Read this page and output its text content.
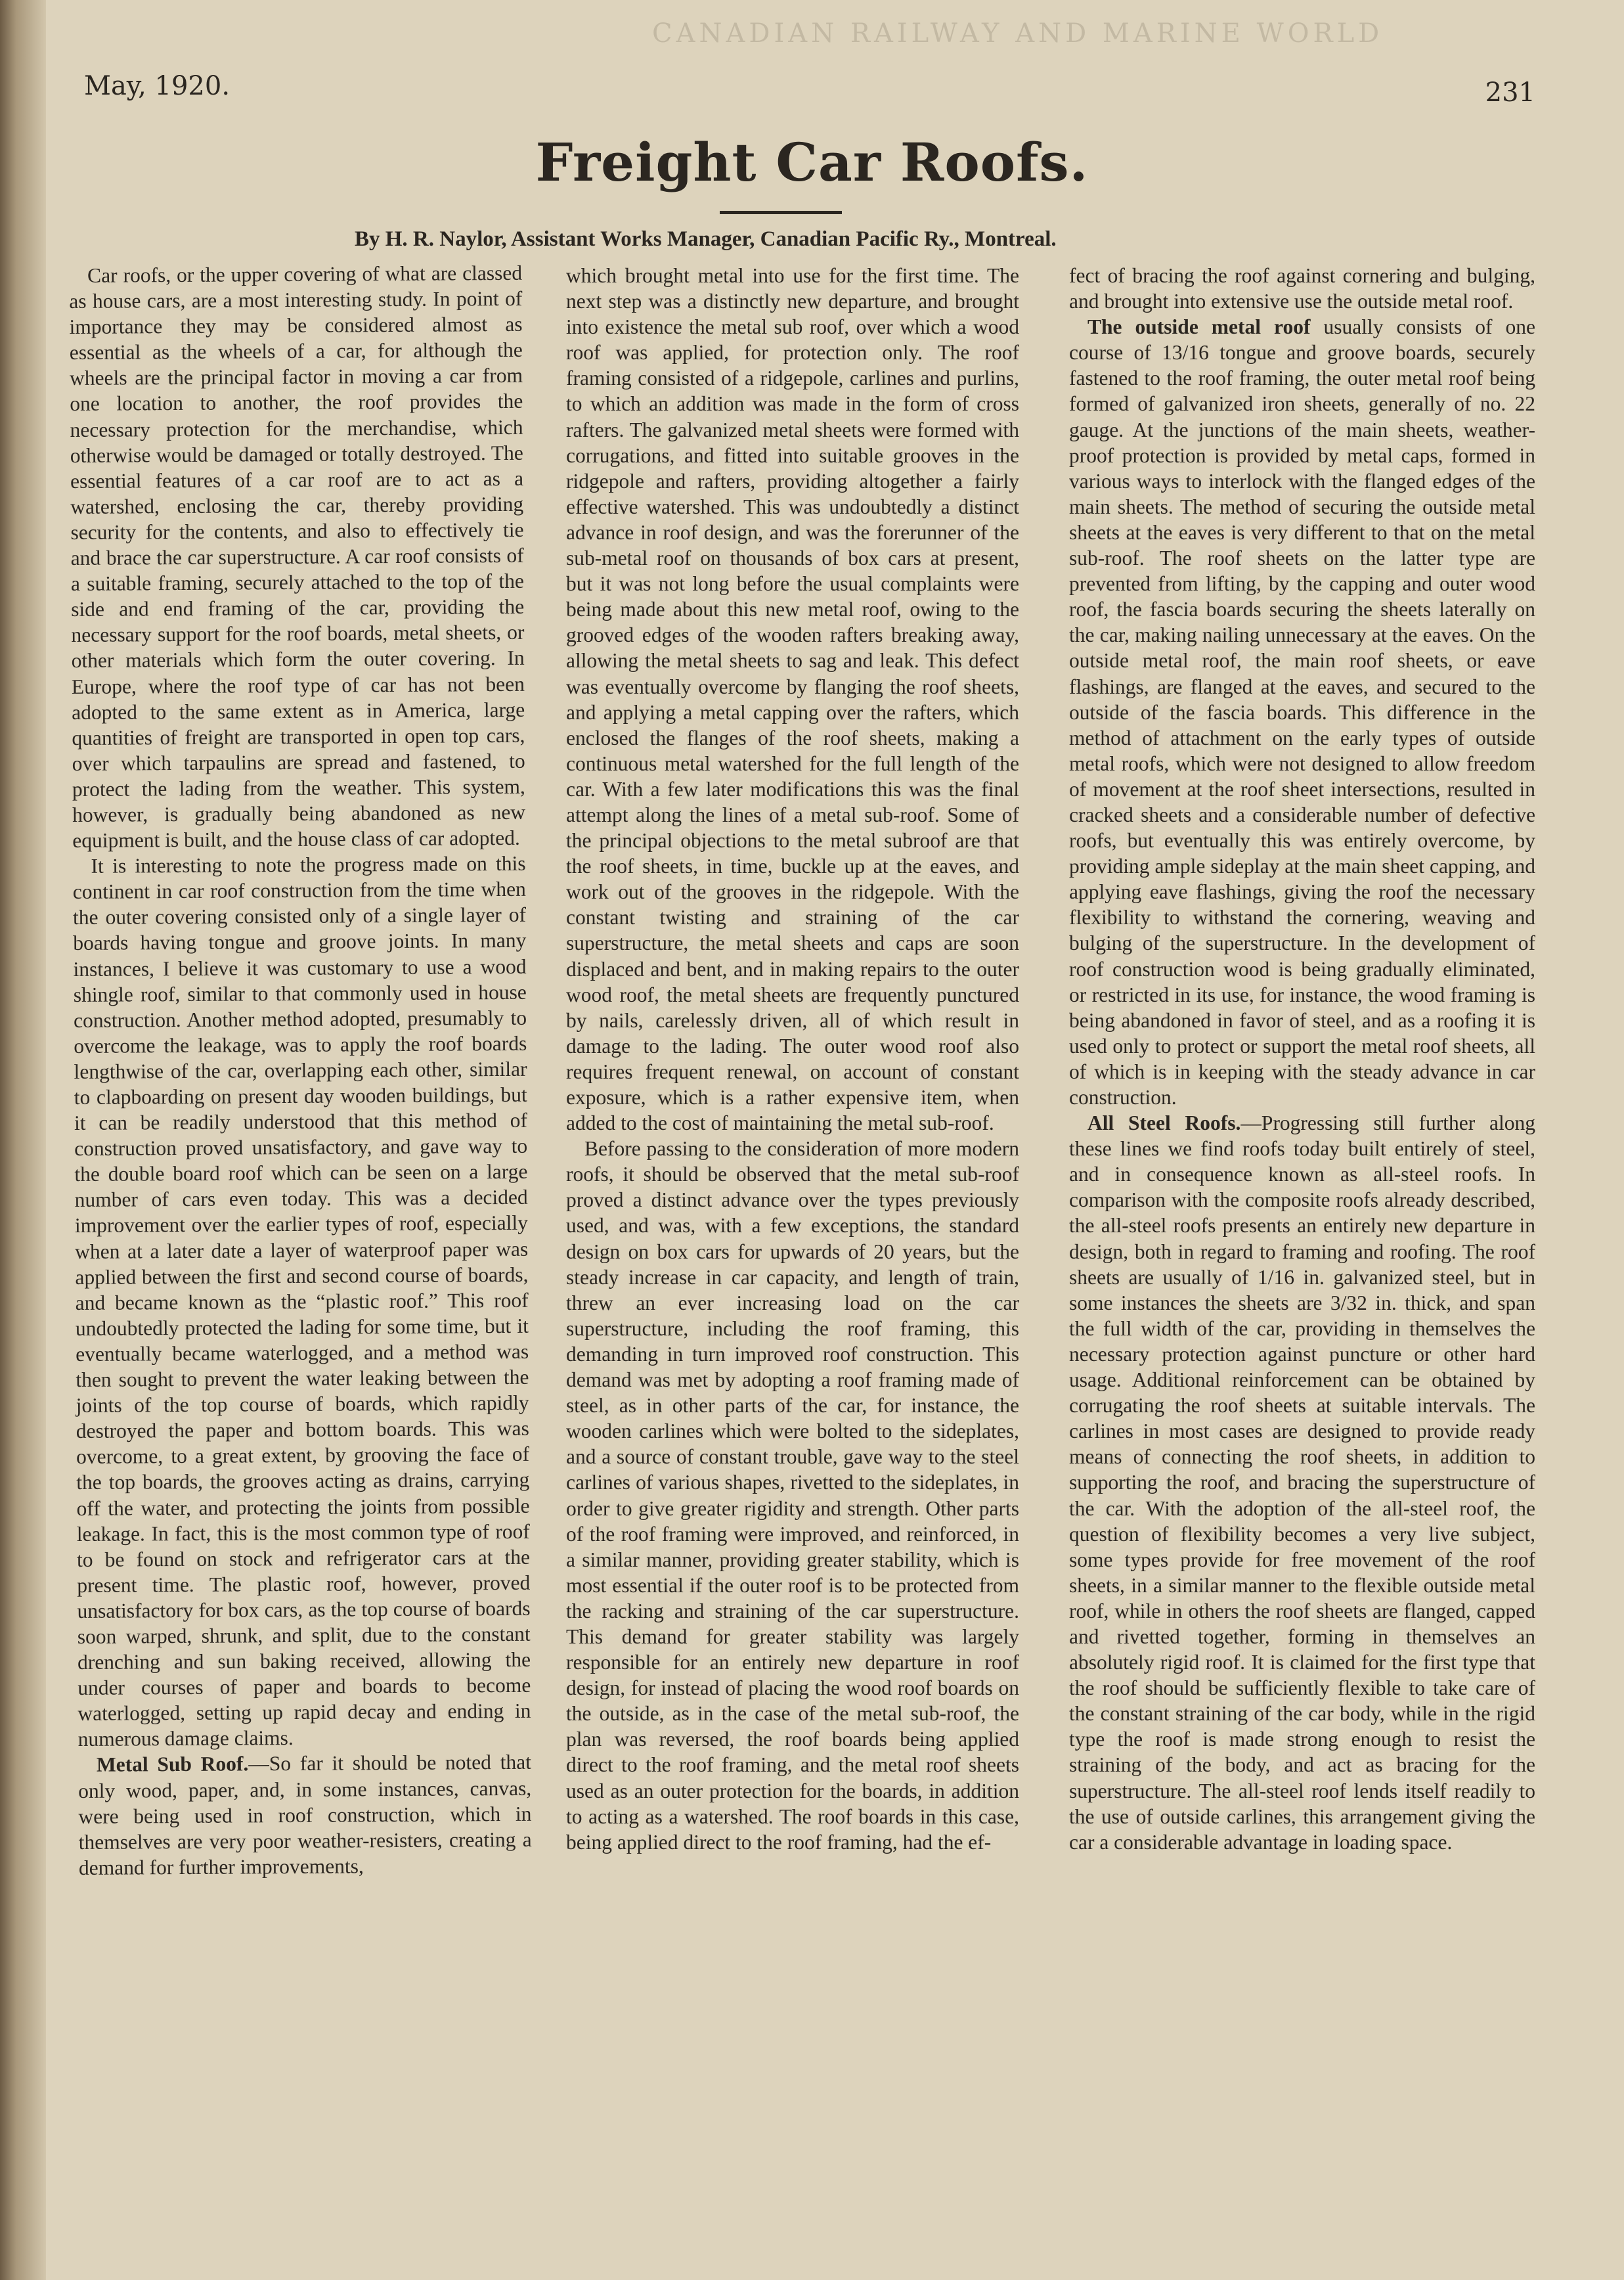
CANADIAN RAILWAY AND MARINE WORLD
May, 1920.	231
Freight Car Roofs.
By H. R. Naylor, Assistant Works Manager, Canadian Pacific Ry., Montreal.

Car roofs, or the upper covering of what are classed as house cars, are a most interesting study. In point of importance they may be considered almost as essential as the wheels of a car, for although the wheels are the principal factor in moving a car from one location to another, the roof provides the necessary protection for the merchandise, which otherwise would be damaged or totally destroyed. The essential features of a car roof are to act as a watershed, enclosing the car, thereby providing security for the contents, and also to effectively tie and brace the car superstructure. A car roof consists of a suitable framing, securely attached to the top of the side and end framing of the car, providing the necessary support for the roof boards, metal sheets, or other materials which form the outer covering. In Europe, where the roof type of car has not been adopted to the same extent as in America, large quantities of freight are transported in open top cars, over which tarpaulins are spread and fastened, to protect the lading from the weather. This system, however, is gradually being abandoned as new equipment is built, and the house class of car adopted.

It is interesting to note the progress made on this continent in car roof construction from the time when the outer covering consisted only of a single layer of boards having tongue and groove joints. In many instances, I believe it was customary to use a wood shingle roof, similar to that commonly used in house construction. Another method adopted, presumably to overcome the leakage, was to apply the roof boards lengthwise of the car, overlapping each other, similar to clapboarding on present day wooden buildings, but it can be readily understood that this method of construction proved unsatisfactory, and gave way to the double board roof which can be seen on a large number of cars even today. This was a decided improvement over the earlier types of roof, especially when at a later date a layer of waterproof paper was applied between the first and second course of boards, and became known as the “plastic roof.” This roof undoubtedly protected the lading for some time, but it eventually became waterlogged, and a method was then sought to prevent the water leaking between the joints of the top course of boards, which rapidly destroyed the paper and bottom boards. This was overcome, to a great extent, by grooving the face of the top boards, the grooves acting as drains, carrying off the water, and protecting the joints from possible leakage. In fact, this is the most common type of roof to be found on stock and refrigerator cars at the present time. The plastic roof, however, proved unsatisfactory for box cars, as the top course of boards soon warped, shrunk, and split, due to the constant drenching and sun baking received, allowing the under courses of paper and boards to become waterlogged, setting up rapid decay and ending in numerous damage claims.

Metal Sub Roof.—So far it should be noted that only wood, paper, and, in some instances, canvas, were being used in roof construction, which in themselves are very poor weather-resisters, creating a demand for further improvements,

which brought metal into use for the first time. The next step was a distinctly new departure, and brought into existence the metal sub roof, over which a wood roof was applied, for protection only. The roof framing consisted of a ridgepole, carlines and purlins, to which an addition was made in the form of cross rafters. The galvanized metal sheets were formed with corrugations, and fitted into suitable grooves in the ridgepole and rafters, providing altogether a fairly effective watershed. This was undoubtedly a distinct advance in roof design, and was the forerunner of the sub-metal roof on thousands of box cars at present, but it was not long before the usual complaints were being made about this new metal roof, owing to the grooved edges of the wooden rafters breaking away, allowing the metal sheets to sag and leak. This defect was eventually overcome by flanging the roof sheets, and applying a metal capping over the rafters, which enclosed the flanges of the roof sheets, making a continuous metal watershed for the full length of the car. With a few later modifications this was the final attempt along the lines of a metal sub-roof. Some of the principal objections to the metal subroof are that the roof sheets, in time, buckle up at the eaves, and work out of the grooves in the ridgepole. With the constant twisting and straining of the car superstructure, the metal sheets and caps are soon displaced and bent, and in making repairs to the outer wood roof, the metal sheets are frequently punctured by nails, carelessly driven, all of which result in damage to the lading. The outer wood roof also requires frequent renewal, on account of constant exposure, which is a rather expensive item, when added to the cost of maintaining the metal sub-roof.

Before passing to the consideration of more modern roofs, it should be observed that the metal sub-roof proved a distinct advance over the types previously used, and was, with a few exceptions, the standard design on box cars for upwards of 20 years, but the steady increase in car capacity, and length of train, threw an ever increasing load on the car superstructure, including the roof framing, this demanding in turn improved roof construction. This demand was met by adopting a roof framing made of steel, as in other parts of the car, for instance, the wooden carlines which were bolted to the sideplates, and a source of constant trouble, gave way to the steel carlines of various shapes, rivetted to the sideplates, in order to give greater rigidity and strength. Other parts of the roof framing were improved, and reinforced, in a similar manner, providing greater stability, which is most essential if the outer roof is to be protected from the racking and straining of the car superstructure. This demand for greater stability was largely responsible for an entirely new departure in roof design, for instead of placing the wood roof boards on the outside, as in the case of the metal sub-roof, the plan was reversed, the roof boards being applied direct to the roof framing, and the metal roof sheets used as an outer protection for the boards, in addition to acting as a watershed. The roof boards in this case, being applied direct to the roof framing, had the ef-

fect of bracing the roof against cornering and bulging, and brought into extensive use the outside metal roof.

The outside metal roof usually consists of one course of 13/16 tongue and groove boards, securely fastened to the roof framing, the outer metal roof being formed of galvanized iron sheets, generally of no. 22 gauge. At the junctions of the main sheets, weather-proof protection is provided by metal caps, formed in various ways to interlock with the flanged edges of the main sheets. The method of securing the outside metal sheets at the eaves is very different to that on the metal sub-roof. The roof sheets on the latter type are prevented from lifting, by the capping and outer wood roof, the fascia boards securing the sheets laterally on the car, making nailing unnecessary at the eaves. On the outside metal roof, the main roof sheets, or eave flashings, are flanged at the eaves, and secured to the outside of the fascia boards. This difference in the method of attachment on the early types of outside metal roofs, which were not designed to allow freedom of movement at the roof sheet intersections, resulted in cracked sheets and a considerable number of defective roofs, but eventually this was entirely overcome, by providing ample sideplay at the main sheet capping, and applying eave flashings, giving the roof the necessary flexibility to withstand the cornering, weaving and bulging of the superstructure. In the development of roof construction wood is being gradually eliminated, or restricted in its use, for instance, the wood framing is being abandoned in favor of steel, and as a roofing it is used only to protect or support the metal roof sheets, all of which is in keeping with the steady advance in car construction.

All Steel Roofs.—Progressing still further along these lines we find roofs today built entirely of steel, and in consequence known as all-steel roofs. In comparison with the composite roofs already described, the all-steel roofs presents an entirely new departure in design, both in regard to framing and roofing. The roof sheets are usually of 1/16 in. galvanized steel, but in some instances the sheets are 3/32 in. thick, and span the full width of the car, providing in themselves the necessary protection against puncture or other hard usage. Additional reinforcement can be obtained by corrugating the roof sheets at suitable intervals. The carlines in most cases are designed to provide ready means of connecting the roof sheets, in addition to supporting the roof, and bracing the superstructure of the car. With the adoption of the all-steel roof, the question of flexibility becomes a very live subject, some types provide for free movement of the roof sheets, in a similar manner to the flexible outside metal roof, while in others the roof sheets are flanged, capped and rivetted together, forming in themselves an absolutely rigid roof. It is claimed for the first type that the roof should be sufficiently flexible to take care of the constant straining of the car body, while in the rigid type the roof is made strong enough to resist the straining of the body, and act as bracing for the superstructure. The all-steel roof lends itself readily to the use of outside carlines, this arrangement giving the car a considerable advantage in loading space.
